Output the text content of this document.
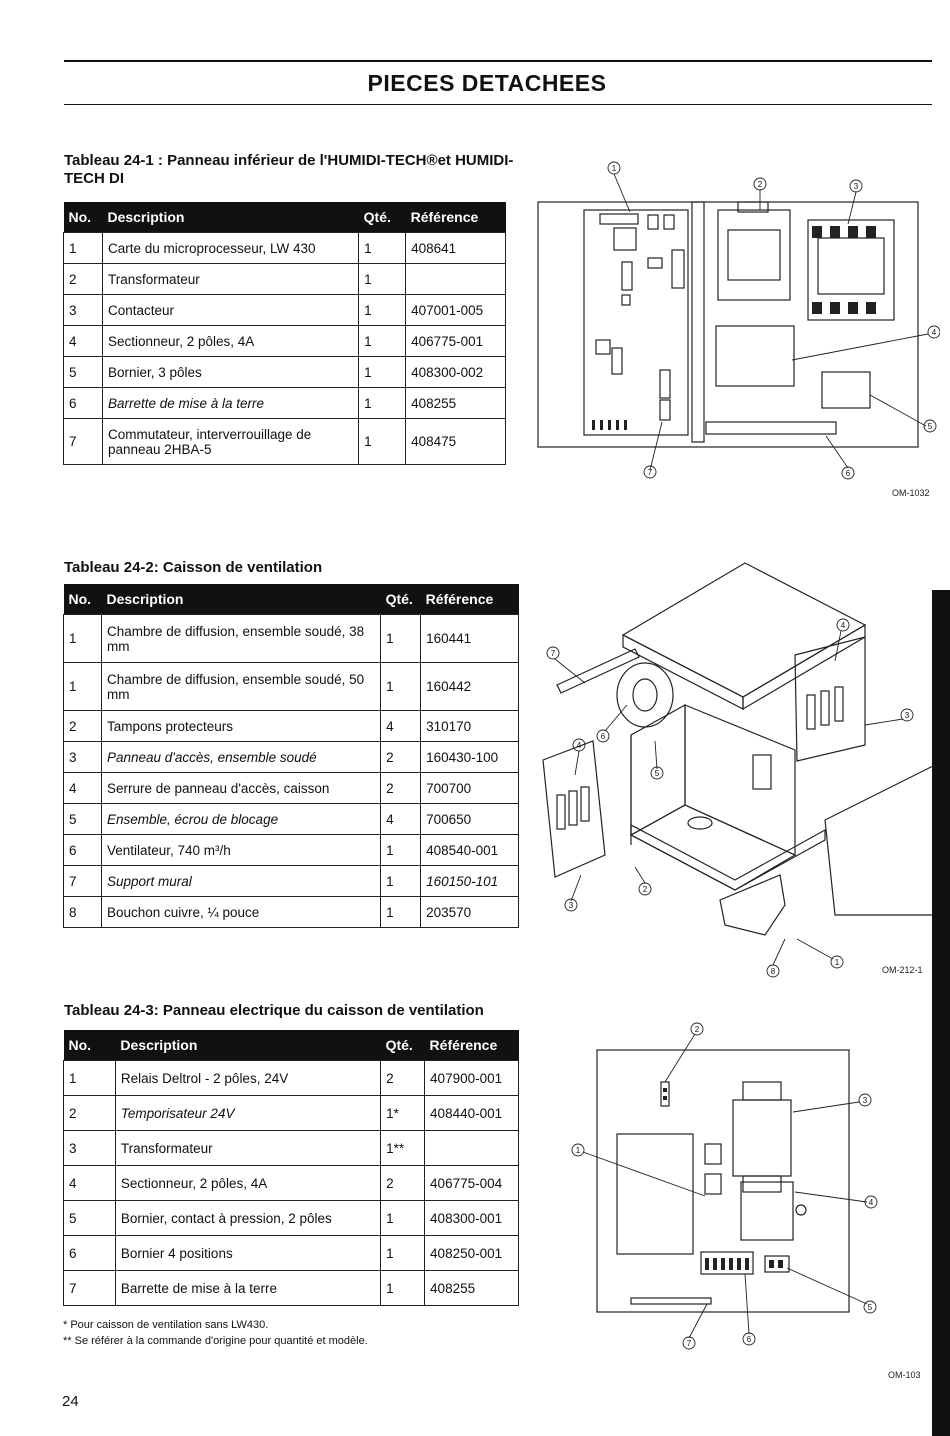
PIECES DETACHEES
Tableau 24-1 : Panneau inférieur de l'HUMIDI-TECH®et HUMIDI-TECH DI
No.	Description	Qté.	Référence
1	Carte du microprocesseur, LW 430	1	408641
2	Transformateur	1	
3	Contacteur	1	407001-005
4	Sectionneur, 2 pôles, 4A	1	406775-001
5	Bornier, 3 pôles	1	408300-002
6	Barrette de mise à la terre	1	408255
7	Commutateur, interverrouillage de panneau 2HBA-5	1	408475
1
2	3
4
5
6
7
OM-1032
Tableau 24-2: Caisson de ventilation
No.	Description	Qté.	Référence
1	Chambre de diffusion, ensemble soudé, 38 mm	1	160441
1	Chambre de diffusion, ensemble soudé, 50 mm	1	160442
2	Tampons protecteurs	4	310170
3	Panneau d'accès, ensemble soudé	2	160430-100
4	Serrure de panneau d'accès, caisson	2	700700
5	Ensemble, écrou de blocage	4	700650
6	Ventilateur, 740 m³/h	1	408540-001
7	Support mural	1	160150-101
8	Bouchon cuivre, ¼ pouce	1	203570
7
6
8
4
3
5
4
2
3
1
OM-212-1
Tableau 24-3: Panneau electrique du caisson de ventilation
No.	Description	Qté.	Référence
1	Relais Deltrol - 2 pôles, 24V	2	407900-001
2	Temporisateur 24V	1*	408440-001
3	Transformateur	1**	
4	Sectionneur, 2 pôles, 4A	2	406775-004
5	Bornier, contact à pression, 2 pôles	1	408300-001
6	Bornier 4 positions	1	408250-001
7	Barrette de mise à la terre	1	408255
* Pour caisson de ventilation sans LW430.
** Se référer à la commande d'origine pour quantité et modèle.
2
3
1
4
5
7	6
OM-103
24
